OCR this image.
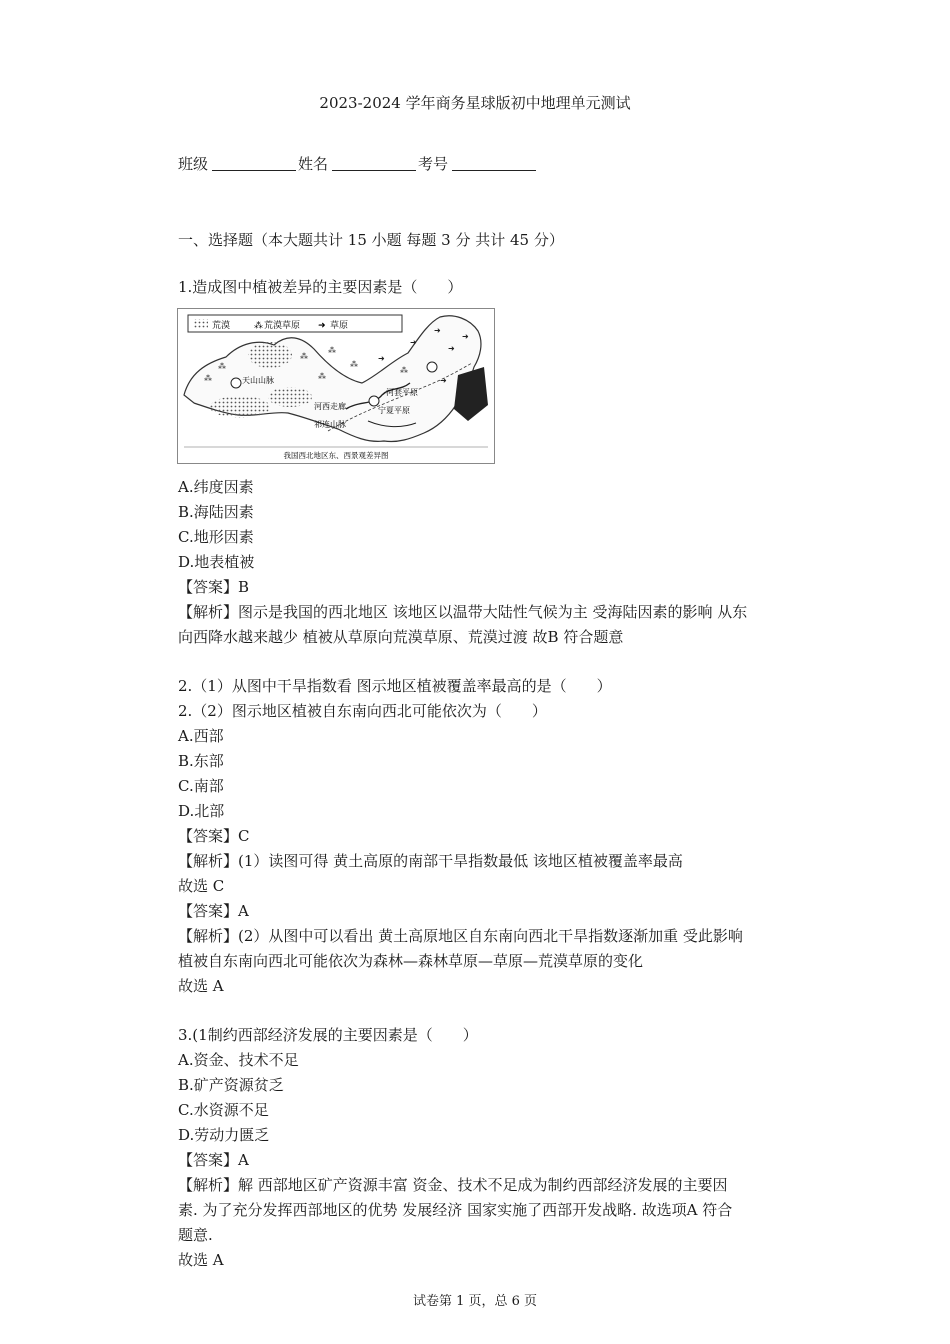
2023-2024 学年商务星球版初中地理单元测试
班级	姓名	考号
一、选择题（本大题共计 15 小题 每题 3 分 共计 45 分）
1.造成图中植被差异的主要因素是（　　）
荒漠	⁂ 荒漠草原 ➜ 草原
⁂
⁂
➜
➜
➜
➜
⁂
⁂
⁂
⁂
⁂
➜
➜
天山山脉
河西走廊
祁连山脉
河套平原
宁夏平原
我国西北地区东、西景观差异图
A.纬度因素
B.海陆因素
C.地形因素
D.地表植被
【答案】B
【解析】图示是我国的西北地区 该地区以温带大陆性气候为主 受海陆因素的影响 从东
向西降水越来越少 植被从草原向荒漠草原、荒漠过渡 故B 符合题意
2.（1）从图中干旱指数看 图示地区植被覆盖率最高的是（　　）
2.（2）图示地区植被自东南向西北可能依次为（　　）
A.西部
B.东部
C.南部
D.北部
【答案】C
【解析】(1）读图可得 黄土高原的南部干旱指数最低 该地区植被覆盖率最高
故选 C
【答案】A
【解析】(2）从图中可以看出 黄土高原地区自东南向西北干旱指数逐渐加重 受此影响
植被自东南向西北可能依次为森林—森林草原—草原—荒漠草原的变化
故选 A
3.(1制约西部经济发展的主要因素是（　　）
A.资金、技术不足
B.矿产资源贫乏
C.水资源不足
D.劳动力匮乏
【答案】A
【解析】解 西部地区矿产资源丰富 资金、技术不足成为制约西部经济发展的主要因
素. 为了充分发挥西部地区的优势 发展经济 国家实施了西部开发战略. 故选项A 符合
题意.
故选 A
试卷第 1 页，总 6 页
